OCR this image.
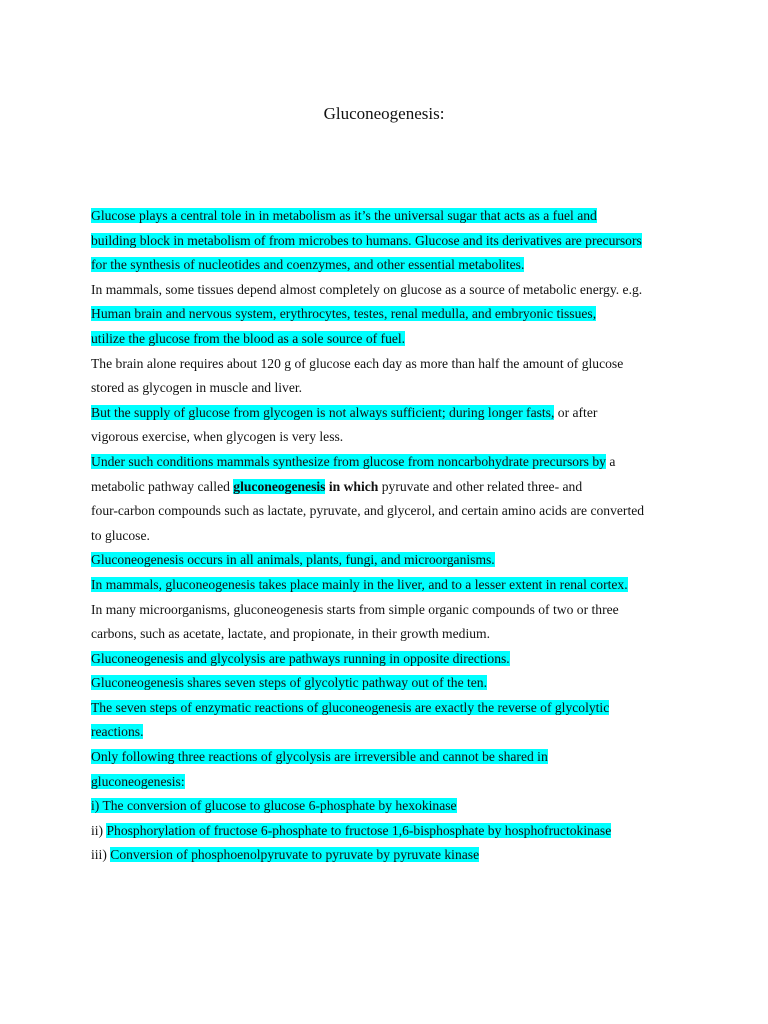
Gluconeogenesis:
Glucose plays a central tole in in metabolism as it’s the universal sugar that acts as a fuel and
building block in metabolism of from microbes to humans. Glucose and its derivatives are precursors
for the synthesis of nucleotides and coenzymes, and other essential metabolites.
In mammals, some tissues depend almost completely on glucose as a source of metabolic energy. e.g.
Human brain and nervous system, erythrocytes, testes, renal medulla, and embryonic tissues,
utilize the glucose from the blood as a sole source of fuel.
The brain alone requires about 120 g of glucose each day as more than half the amount of glucose
stored as glycogen in muscle and liver.
But the supply of glucose from glycogen is not always sufficient; during longer fasts, or after
vigorous exercise, when glycogen is very less.
Under such conditions mammals synthesize from glucose from noncarbohydrate precursors by a
metabolic pathway called gluconeogenesis in which pyruvate and other related three- and
four-carbon compounds such as lactate, pyruvate, and glycerol, and certain amino acids are converted
to glucose.
Gluconeogenesis occurs in all animals, plants, fungi, and microorganisms.
In mammals, gluconeogenesis takes place mainly in the liver, and to a lesser extent in renal cortex.
In many microorganisms, gluconeogenesis starts from simple organic compounds of two or three
carbons, such as acetate, lactate, and propionate, in their growth medium.
Gluconeogenesis and glycolysis are pathways running in opposite directions.
Gluconeogenesis shares seven steps of glycolytic pathway out of the ten.
The seven steps of enzymatic reactions of gluconeogenesis are exactly the reverse of glycolytic
reactions.
Only following three reactions of glycolysis are irreversible and cannot be shared in
gluconeogenesis:
i) The conversion of glucose to glucose 6-phosphate by hexokinase
ii) Phosphorylation of fructose 6-phosphate to fructose 1,6-bisphosphate by hosphofructokinase
iii) Conversion of phosphoenolpyruvate to pyruvate by pyruvate kinase
